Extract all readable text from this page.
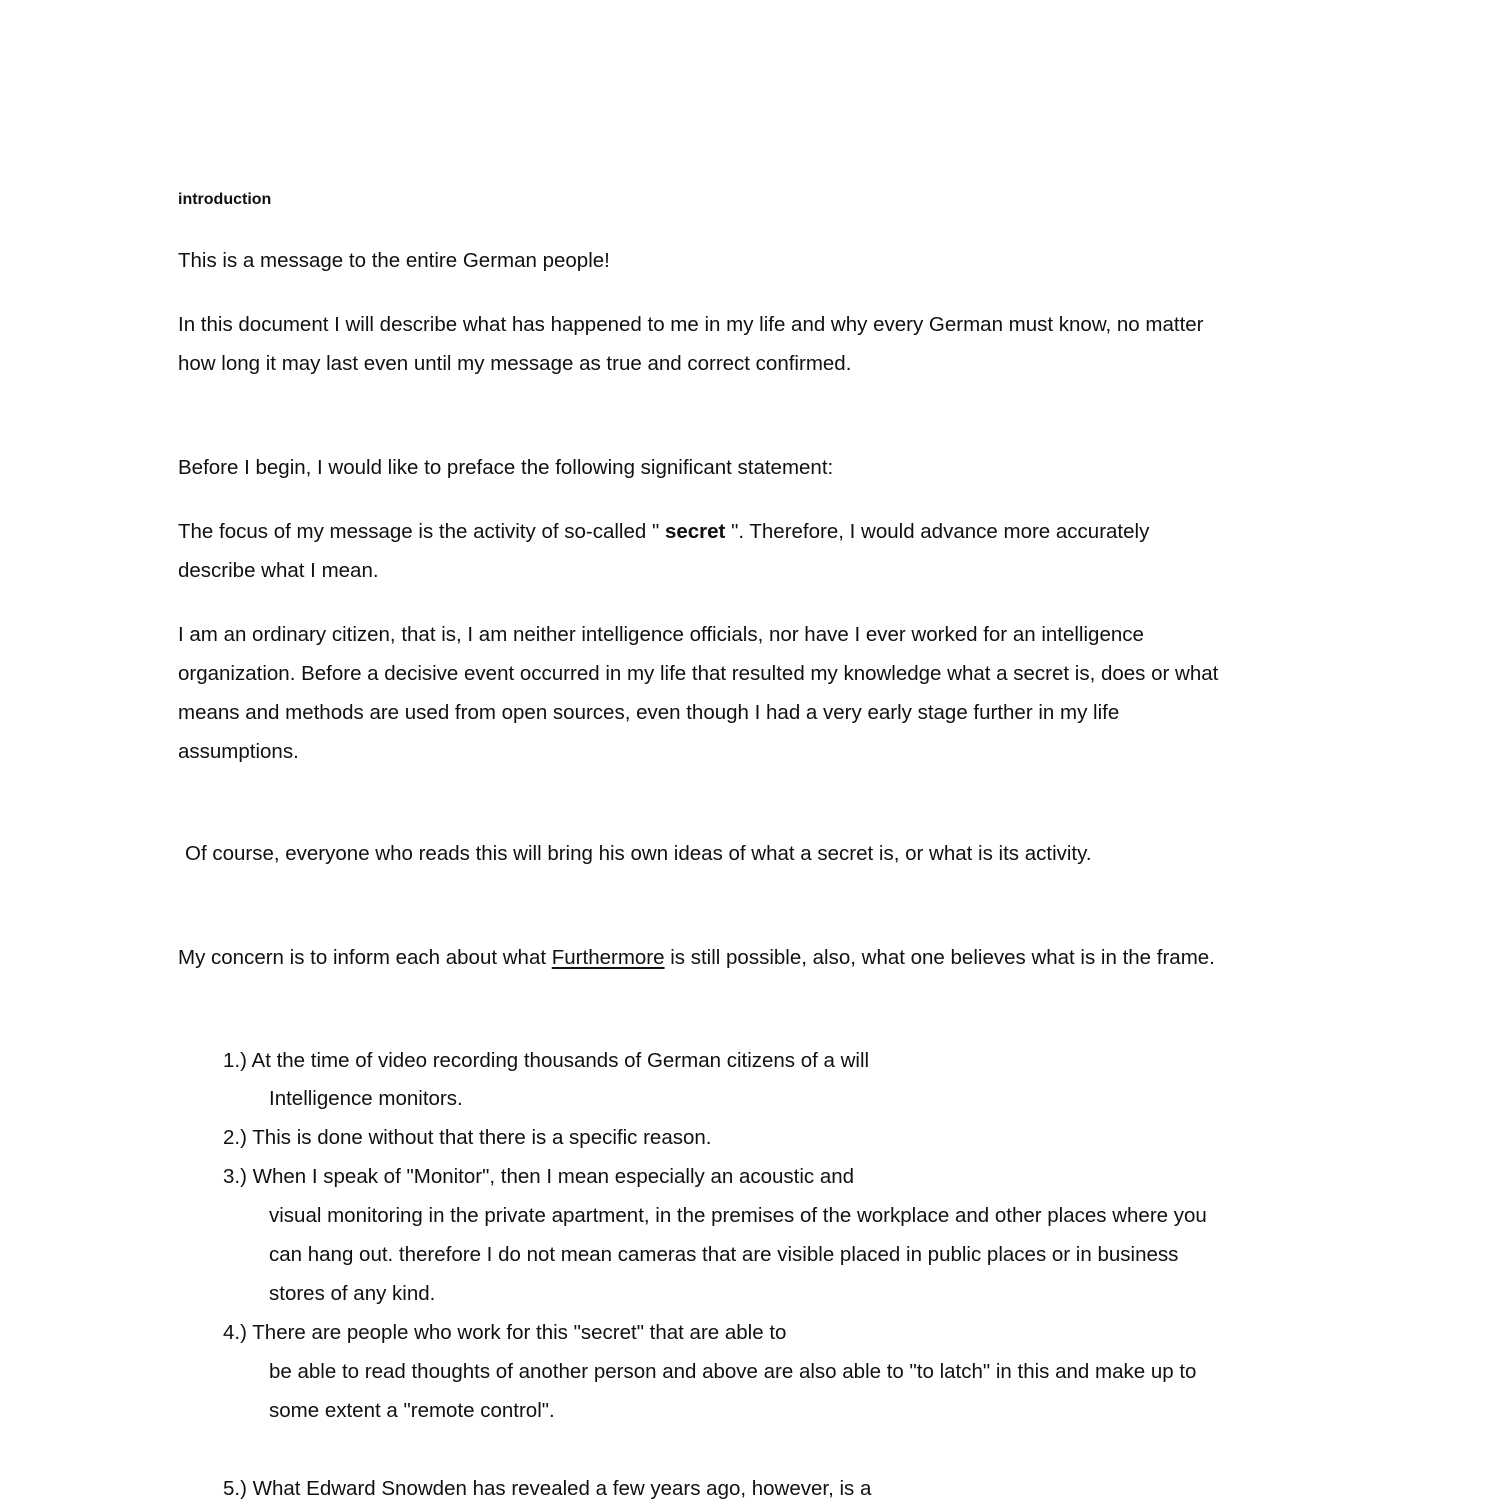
introduction
This is a message to the entire German people!
In this document I will describe what has happened to me in my life and why every German must know, no matter
how long it may last even until my message as true and correct confirmed.
Before I begin, I would like to preface the following significant statement:
The focus of my message is the activity of so-called " secret ". Therefore, I would advance more accurately
describe what I mean.
I am an ordinary citizen, that is, I am neither intelligence officials, nor have I ever worked for an intelligence
organization. Before a decisive event occurred in my life that resulted my knowledge what a secret is, does or what
means and methods are used from open sources, even though I had a very early stage further in my life
assumptions.
Of course, everyone who reads this will bring his own ideas of what a secret is, or what is its activity.
My concern is to inform each about what Furthermore is still possible, also, what one believes what is in the frame.
1.) At the time of video recording thousands of German citizens of a will
Intelligence monitors.
2.) This is done without that there is a specific reason.
3.) When I speak of "Monitor", then I mean especially an acoustic and
visual monitoring in the private apartment, in the premises of the workplace and other places where you
can hang out. therefore I do not mean cameras that are visible placed in public places or in business
stores of any kind.
4.) There are people who work for this "secret" that are able to
be able to read thoughts of another person and above are also able to "to latch" in this and make up to
some extent a "remote control".
5.) What Edward Snowden has revealed a few years ago, however, is a
